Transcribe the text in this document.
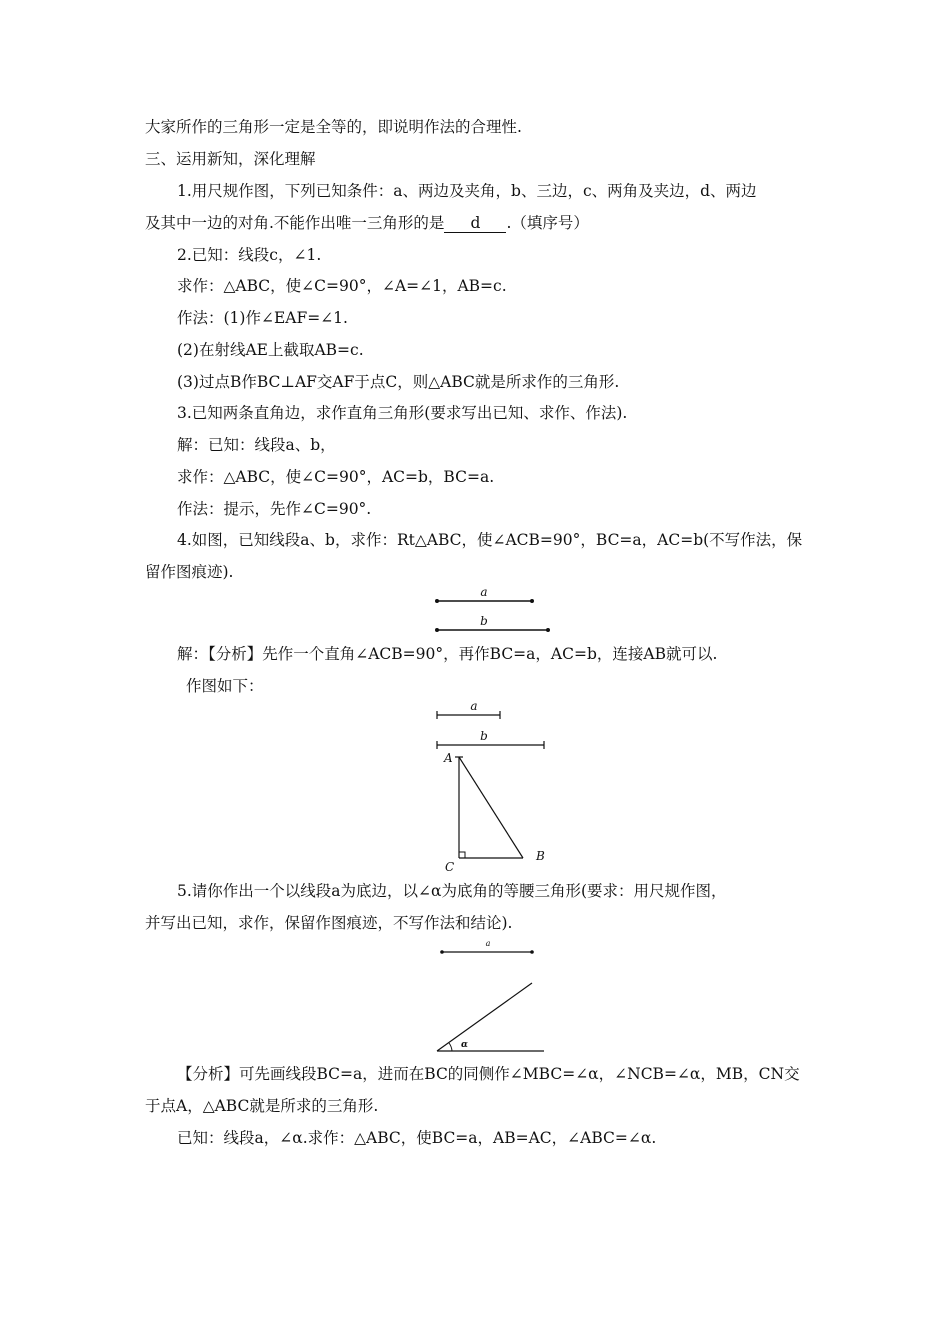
大家所作的三角形一定是全等的，即说明作法的合理性.
三、运用新知，深化理解
1.用尺规作图，下列已知条件：a、两边及夹角，b、三边，c、两角及夹边，d、两边
及其中一边的对角.不能作出唯一三角形的是 d .（填序号）
2.已知：线段c，∠1.
求作：△ABC，使∠C=90°，∠A=∠1，AB=c.
作法：(1)作∠EAF=∠1.
(2)在射线AE上截取AB=c.
(3)过点B作BC⊥AF交AF于点C，则△ABC就是所求作的三角形.
3.已知两条直角边，求作直角三角形(要求写出已知、求作、作法).
解：已知：线段a、b，
求作：△ABC，使∠C=90°，AC=b，BC=a.
作法：提示，先作∠C=90°.
4.如图，已知线段a、b，求作：Rt△ABC，使∠ACB=90°，BC=a，AC=b(不写作法，保
留作图痕迹).
解：【分析】先作一个直角∠ACB=90°，再作BC=a，AC=b，连接AB就可以.
作图如下：
5.请你作出一个以线段a为底边，以∠α为底角的等腰三角形(要求：用尺规作图，
并写出已知，求作，保留作图痕迹，不写作法和结论).
【分析】可先画线段BC=a，进而在BC的同侧作∠MBC=∠α，∠NCB=∠α，MB，CN交
于点A，△ABC就是所求的三角形.
已知：线段a，∠α.求作：△ABC，使BC=a，AB=AC，∠ABC=∠α.
a
b
a
b
A
B
C
a
α
